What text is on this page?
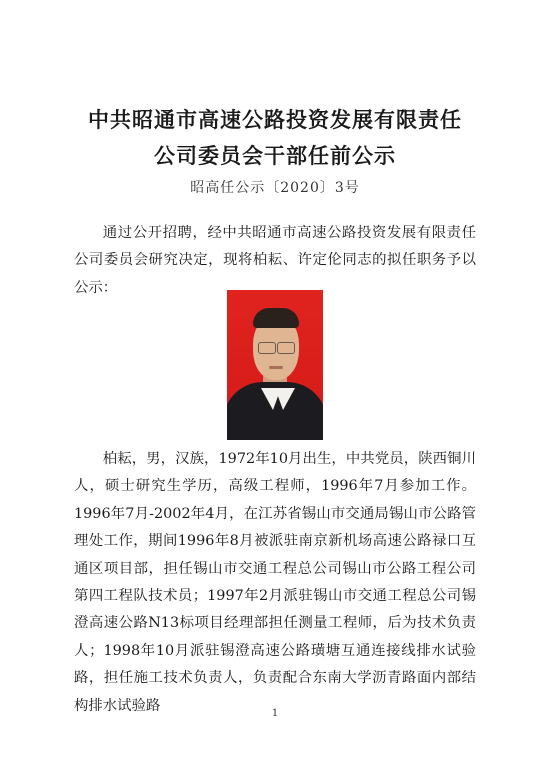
中共昭通市高速公路投资发展有限责任
公司委员会干部任前公示
昭高任公示〔2020〕3号

通过公开招聘，经中共昭通市高速公路投资发展有限责任公司委员会研究决定，现将柏耘、许定伦同志的拟任职务予以公示：

柏耘，男，汉族，1972年10月出生，中共党员，陕西铜川人，硕士研究生学历，高级工程师，1996年7月参加工作。1996年7月-2002年4月，在江苏省锡山市交通局锡山市公路管理处工作，期间1996年8月被派驻南京新机场高速公路禄口互通区项目部，担任锡山市交通工程总公司锡山市公路工程公司第四工程队技术员；1997年2月派驻锡山市交通工程总公司锡澄高速公路N13标项目经理部担任测量工程师，后为技术负责人；1998年10月派驻锡澄高速公路璜塘互通连接线排水试验路，担任施工技术负责人，负责配合东南大学沥青路面内部结构排水试验路	1
